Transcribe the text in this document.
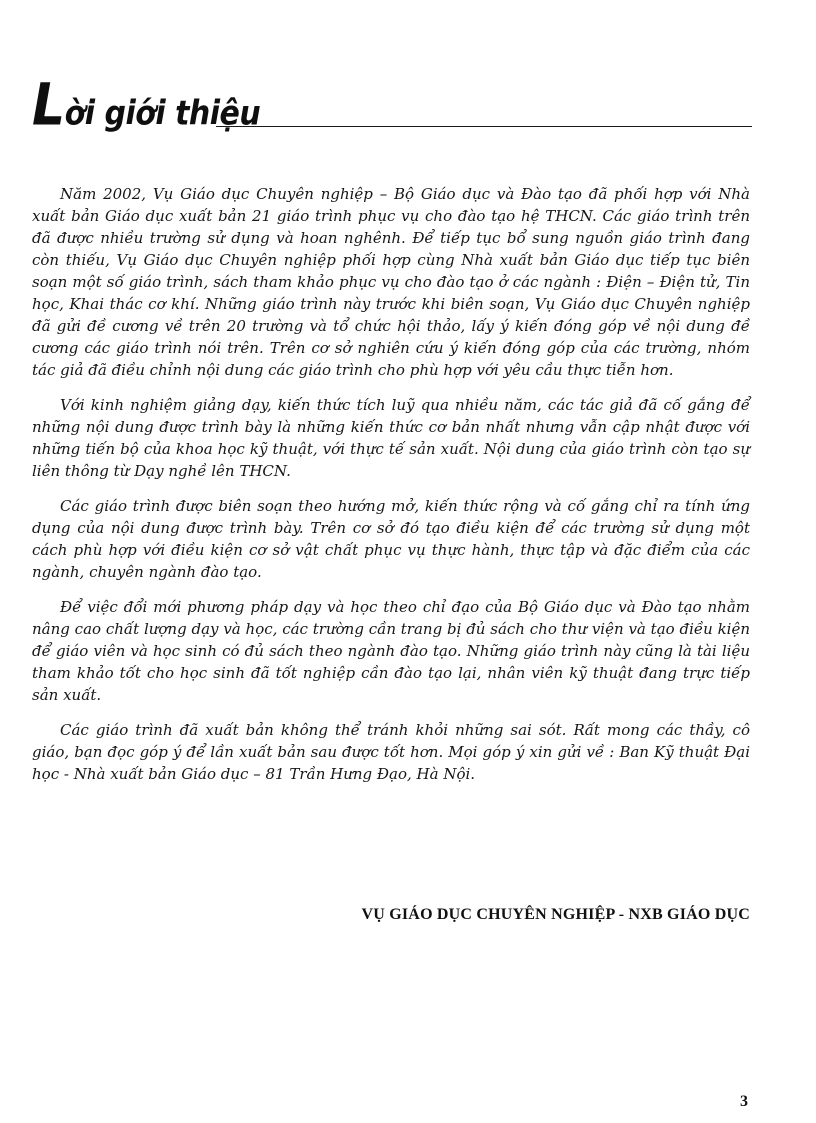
Lời giới thiệu

Năm 2002, Vụ Giáo dục Chuyên nghiệp – Bộ Giáo dục và Đào tạo đã phối hợp với Nhà xuất bản Giáo dục xuất bản 21 giáo trình phục vụ cho đào tạo hệ THCN. Các giáo trình trên đã được nhiều trường sử dụng và hoan nghênh. Để tiếp tục bổ sung nguồn giáo trình đang còn thiếu, Vụ Giáo dục Chuyên nghiệp phối hợp cùng Nhà xuất bản Giáo dục tiếp tục biên soạn một số giáo trình, sách tham khảo phục vụ cho đào tạo ở các ngành : Điện – Điện tử, Tin học, Khai thác cơ khí. Những giáo trình này trước khi biên soạn, Vụ Giáo dục Chuyên nghiệp đã gửi đề cương về trên 20 trường và tổ chức hội thảo, lấy ý kiến đóng góp về nội dung đề cương các giáo trình nói trên. Trên cơ sở nghiên cứu ý kiến đóng góp của các trường, nhóm tác giả đã điều chỉnh nội dung các giáo trình cho phù hợp với yêu cầu thực tiễn hơn.

Với kinh nghiệm giảng dạy, kiến thức tích luỹ qua nhiều năm, các tác giả đã cố gắng để những nội dung được trình bày là những kiến thức cơ bản nhất nhưng vẫn cập nhật được với những tiến bộ của khoa học kỹ thuật, với thực tế sản xuất. Nội dung của giáo trình còn tạo sự liên thông từ Dạy nghề lên THCN.

Các giáo trình được biên soạn theo hướng mở, kiến thức rộng và cố gắng chỉ ra tính ứng dụng của nội dung được trình bày. Trên cơ sở đó tạo điều kiện để các trường sử dụng một cách phù hợp với điều kiện cơ sở vật chất phục vụ thực hành, thực tập và đặc điểm của các ngành, chuyên ngành đào tạo.

Để việc đổi mới phương pháp dạy và học theo chỉ đạo của Bộ Giáo dục và Đào tạo nhằm nâng cao chất lượng dạy và học, các trường cần trang bị đủ sách cho thư viện và tạo điều kiện để giáo viên và học sinh có đủ sách theo ngành đào tạo. Những giáo trình này cũng là tài liệu tham khảo tốt cho học sinh đã tốt nghiệp cần đào tạo lại, nhân viên kỹ thuật đang trực tiếp sản xuất.

Các giáo trình đã xuất bản không thể tránh khỏi những sai sót. Rất mong các thầy, cô giáo, bạn đọc góp ý để lần xuất bản sau được tốt hơn. Mọi góp ý xin gửi về : Ban Kỹ thuật Đại học - Nhà xuất bản Giáo dục – 81 Trần Hưng Đạo, Hà Nội.

VỤ GIÁO DỤC CHUYÊN NGHIỆP - NXB GIÁO DỤC
3
